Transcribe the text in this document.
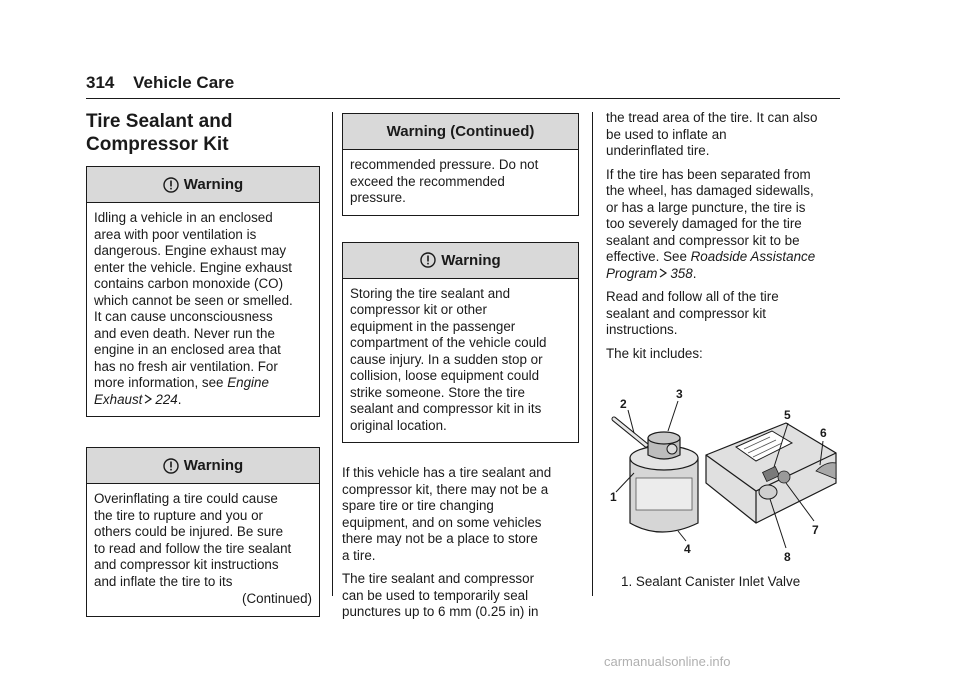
314 Vehicle Care
Tire Sealant and
Compressor Kit
Warning
Idling a vehicle in an enclosed
area with poor ventilation is
dangerous. Engine exhaust may
enter the vehicle. Engine exhaust
contains carbon monoxide (CO)
which cannot be seen or smelled.
It can cause unconsciousness
and even death. Never run the
engine in an enclosed area that
has no fresh air ventilation. For
more information, see Engine
Exhaust 224.
Warning
Overinflating a tire could cause
the tire to rupture and you or
others could be injured. Be sure
to read and follow the tire sealant
and compressor kit instructions
and inflate the tire to its
(Continued)
Warning (Continued)
recommended pressure. Do not
exceed the recommended
pressure.
Warning
Storing the tire sealant and
compressor kit or other
equipment in the passenger
compartment of the vehicle could
cause injury. In a sudden stop or
collision, loose equipment could
strike someone. Store the tire
sealant and compressor kit in its
original location.

If this vehicle has a tire sealant and
compressor kit, there may not be a
spare tire or tire changing
equipment, and on some vehicles
there may not be a place to store
a tire.

The tire sealant and compressor
can be used to temporarily seal
punctures up to 6 mm (0.25 in) in

the tread area of the tire. It can also
be used to inflate an
underinflated tire.

If the tire has been separated from
the wheel, has damaged sidewalls,
or has a large puncture, the tire is
too severely damaged for the tire
sealant and compressor kit to be
effective. See Roadside Assistance
Program 358.

Read and follow all of the tire
sealant and compressor kit
instructions.

The kit includes:

1
2
3
4
5
6
7
8
1. Sealant Canister Inlet Valve
carmanualsonline.info
